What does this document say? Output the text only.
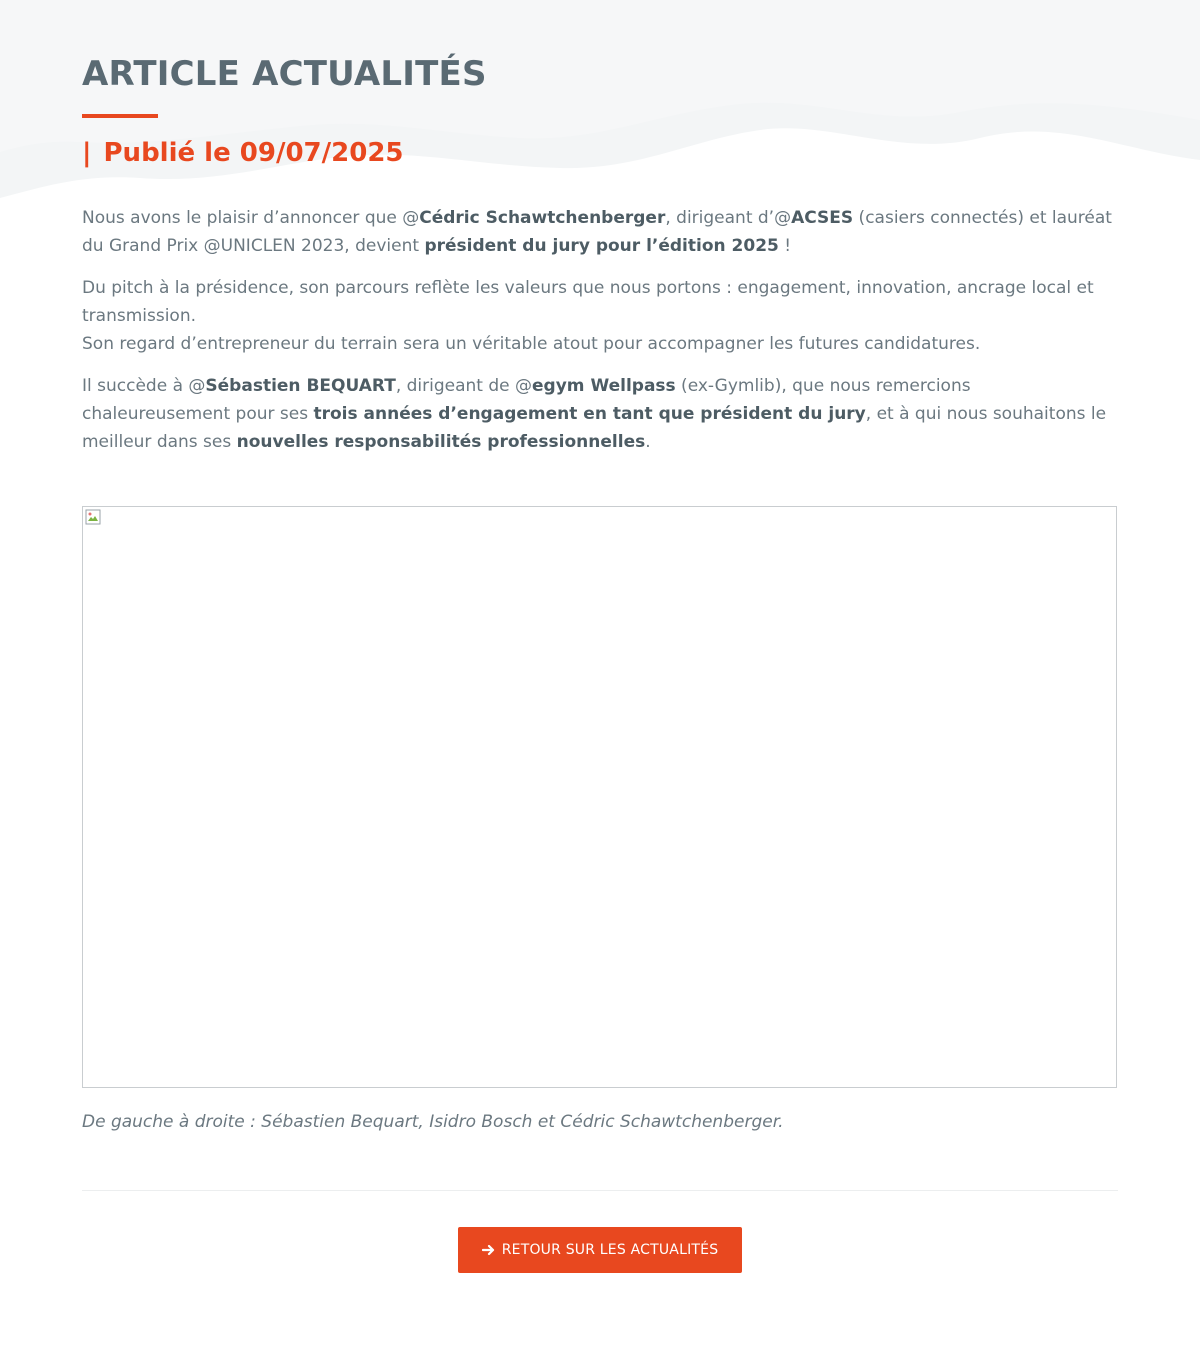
ARTICLE ACTUALITÉS
| Publié le 09/07/2025

Nous avons le plaisir d’annoncer que @Cédric Schawtchenberger, dirigeant d’@ACSES (casiers connectés) et lauréat du Grand Prix @UNICLEN 2023, devient président du jury pour l’édition 2025 !

Du pitch à la présidence, son parcours reflète les valeurs que nous portons : engagement, innovation, ancrage local et transmission.
Son regard d’entrepreneur du terrain sera un véritable atout pour accompagner les futures candidatures.

Il succède à @Sébastien BEQUART, dirigeant de @egym Wellpass (ex-Gymlib), que nous remercions chaleureusement pour ses trois années d’engagement en tant que président du jury, et à qui nous souhaitons le meilleur dans ses nouvelles responsabilités professionnelles.

De gauche à droite : Sébastien Bequart, Isidro Bosch et Cédric Schawtchenberger.
RETOUR SUR LES ACTUALITÉS
